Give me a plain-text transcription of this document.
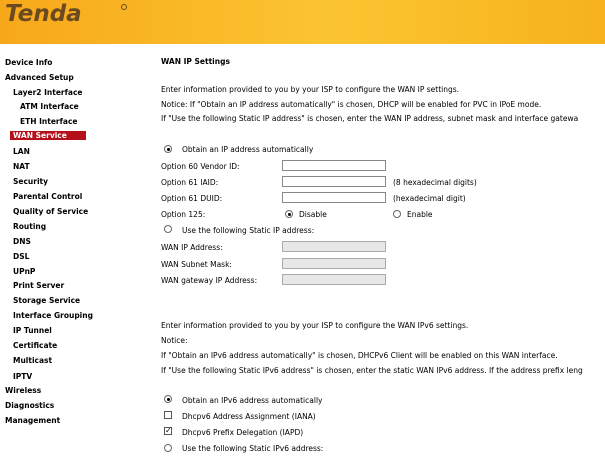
Tenda
Device Info
Advanced Setup
Layer2 Interface
ATM Interface
ETH Interface
WAN Service
LAN
NAT
Security
Parental Control
Quality of Service
Routing
DNS
DSL
UPnP
Print Server
Storage Service
Interface Grouping
IP Tunnel
Certificate
Multicast
IPTV
Wireless
Diagnostics
Management
WAN IP Settings
Enter information provided to you by your ISP to configure the WAN IP settings.
Notice: If "Obtain an IP address automatically" is chosen, DHCP will be enabled for PVC in IPoE mode.
If "Use the following Static IP address" is chosen, enter the WAN IP address, subnet mask and interface gatewa
Obtain an IP address automatically
Option 60 Vendor ID:
Option 61 IAID:	(8 hexadecimal digits)
Option 61 DUID:	(hexadecimal digit)
Option 125:	Disable	Enable
Use the following Static IP address:
WAN IP Address:
WAN Subnet Mask:
WAN gateway IP Address:
Enter information provided to you by your ISP to configure the WAN IPv6 settings.
Notice:
If "Obtain an IPv6 address automatically" is chosen, DHCPv6 Client will be enabled on this WAN interface.
If "Use the following Static IPv6 address" is chosen, enter the static WAN IPv6 address. If the address prefix leng
Obtain an IPv6 address automatically
Dhcpv6 Address Assignment (IANA)
✓ Dhcpv6 Prefix Delegation (IAPD)
Use the following Static IPv6 address:
